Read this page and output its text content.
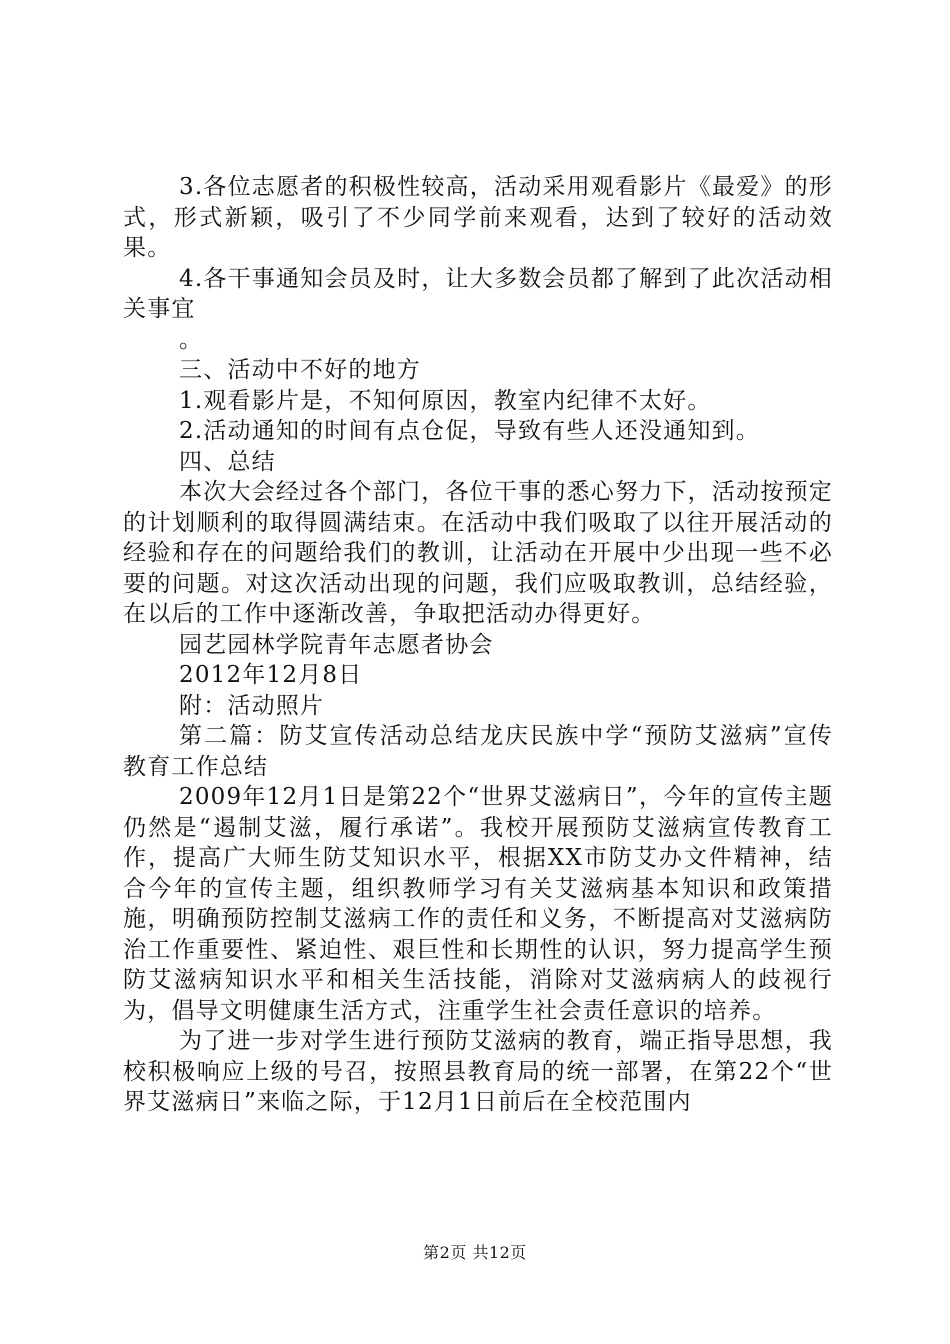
3.各位志愿者的积极性较高，活动采用观看影片《最爱》的形式，形式新颖，吸引了不少同学前来观看，达到了较好的活动效果。

4.各干事通知会员及时，让大多数会员都了解到了此次活动相关事宜

。

三、活动中不好的地方

1.观看影片是，不知何原因，教室内纪律不太好。

2.活动通知的时间有点仓促，导致有些人还没通知到。

四、总结

本次大会经过各个部门，各位干事的悉心努力下，活动按预定的计划顺利的取得圆满结束。在活动中我们吸取了以往开展活动的经验和存在的问题给我们的教训，让活动在开展中少出现一些不必要的问题。对这次活动出现的问题，我们应吸取教训，总结经验，在以后的工作中逐渐改善，争取把活动办得更好。

园艺园林学院青年志愿者协会

2012年12月8日

附：活动照片

第二篇：防艾宣传活动总结龙庆民族中学“预防艾滋病”宣传教育工作总结

2009年12月1日是第22个“世界艾滋病日”，今年的宣传主题仍然是“遏制艾滋，履行承诺”。我校开展预防艾滋病宣传教育工作，提高广大师生防艾知识水平，根据XX市防艾办文件精神，结合今年的宣传主题，组织教师学习有关艾滋病基本知识和政策措施，明确预防控制艾滋病工作的责任和义务，不断提高对艾滋病防治工作重要性、紧迫性、艰巨性和长期性的认识，努力提高学生预防艾滋病知识水平和相关生活技能，消除对艾滋病病人的歧视行为，倡导文明健康生活方式，注重学生社会责任意识的培养。

为了进一步对学生进行预防艾滋病的教育，端正指导思想，我校积极响应上级的号召，按照县教育局的统一部署，在第22个“世界艾滋病日”来临之际，于12月1日前后在全校范围内

第2页 共12页
